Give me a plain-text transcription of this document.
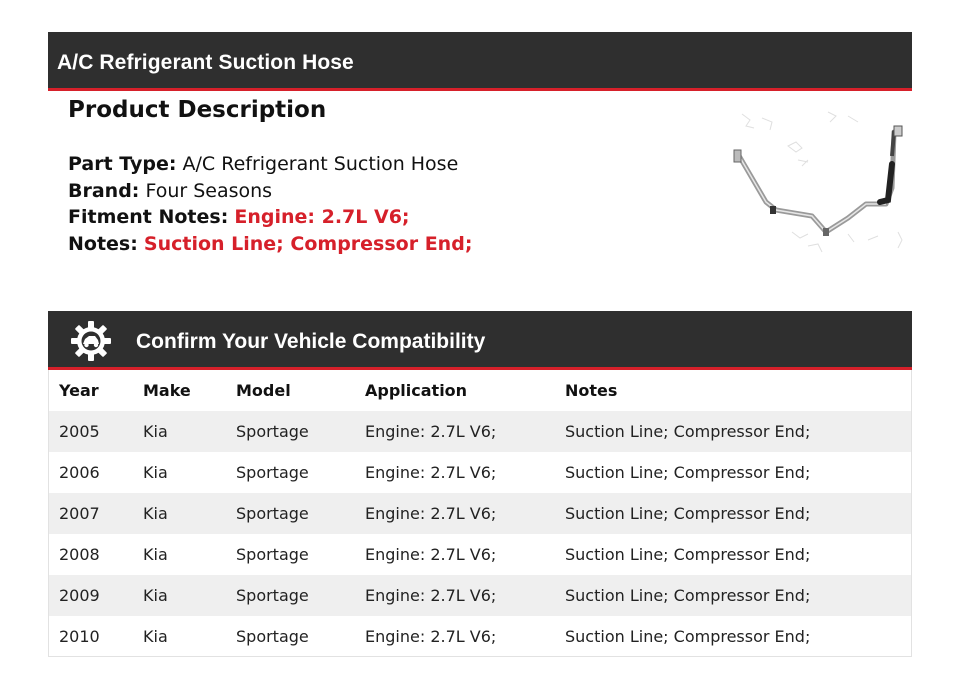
A/C Refrigerant Suction Hose
Product Description
Part Type: A/C Refrigerant Suction Hose
Brand: Four Seasons
Fitment Notes: Engine: 2.7L V6;
Notes: Suction Line; Compressor End;
Confirm Your Vehicle Compatibility
Year	Make	Model	Application	Notes
2005	Kia	Sportage	Engine: 2.7L V6;	Suction Line; Compressor End;
2006	Kia	Sportage	Engine: 2.7L V6;	Suction Line; Compressor End;
2007	Kia	Sportage	Engine: 2.7L V6;	Suction Line; Compressor End;
2008	Kia	Sportage	Engine: 2.7L V6;	Suction Line; Compressor End;
2009	Kia	Sportage	Engine: 2.7L V6;	Suction Line; Compressor End;
2010	Kia	Sportage	Engine: 2.7L V6;	Suction Line; Compressor End;
